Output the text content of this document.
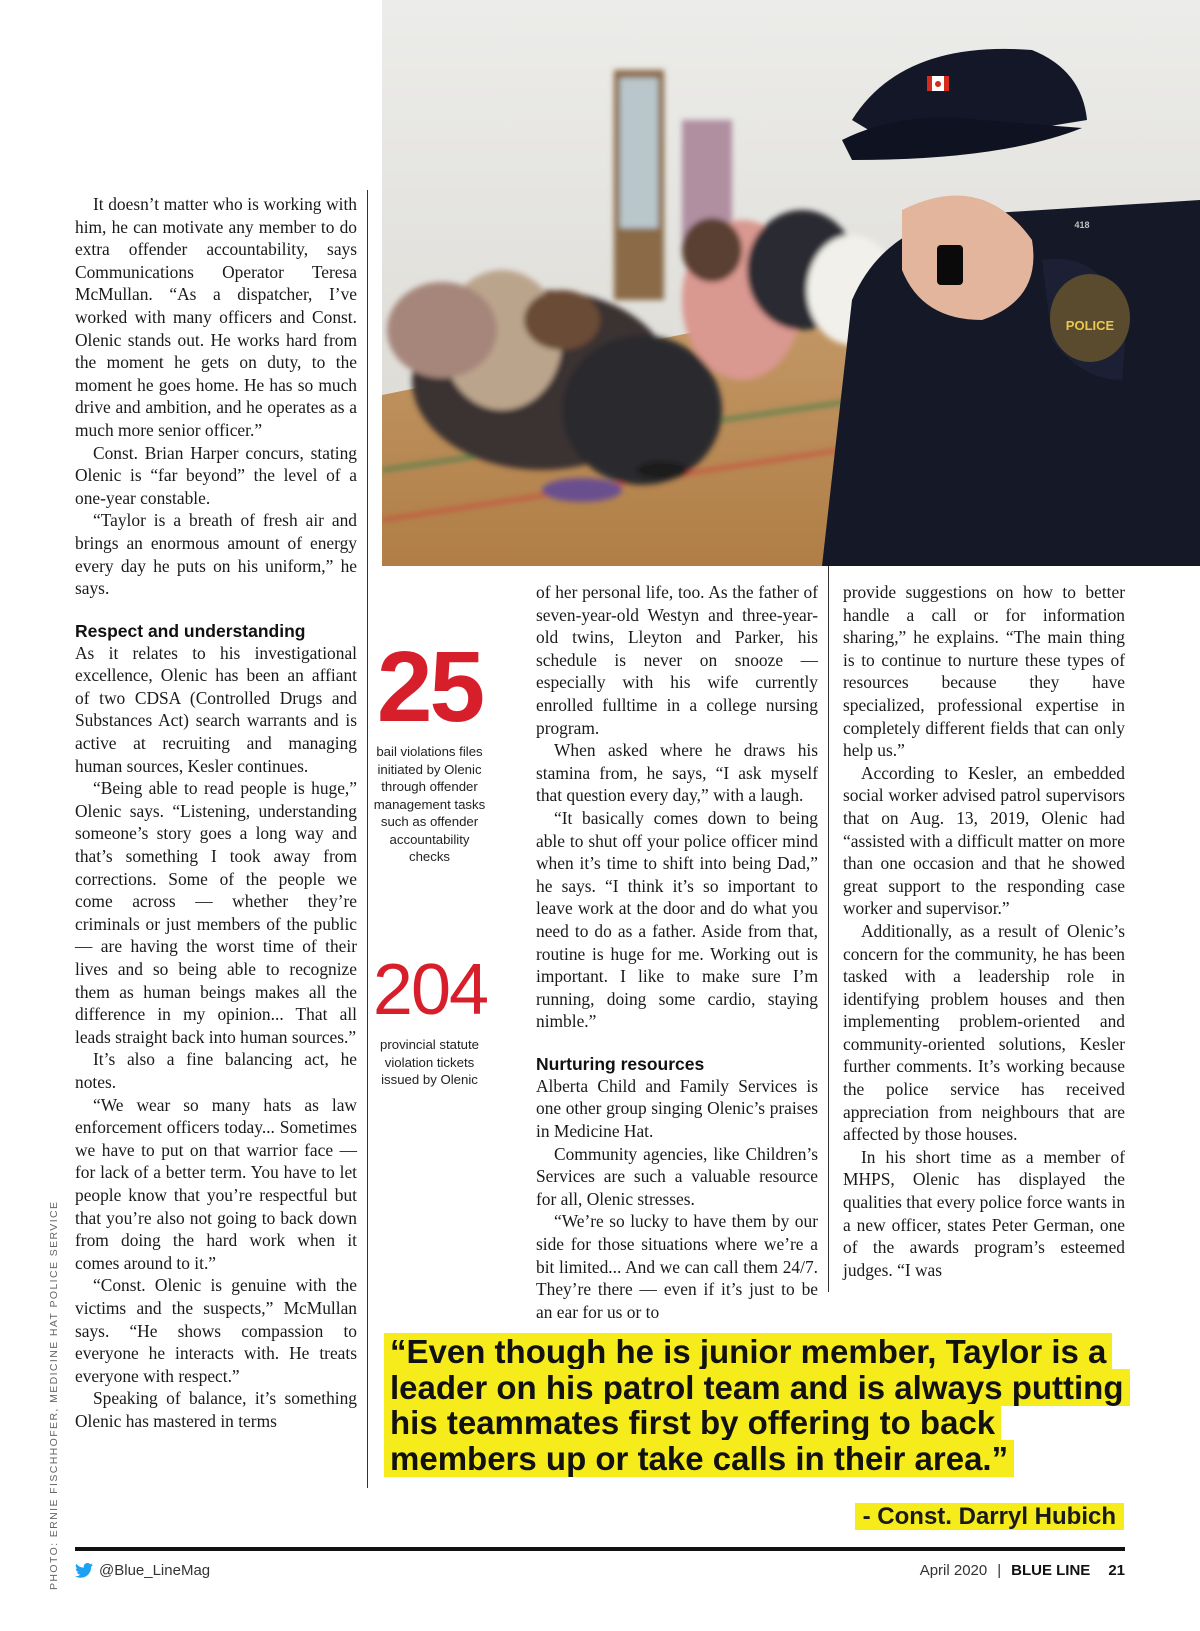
It doesn’t matter who is working with him, he can motivate any member to do extra offender accountability, says Communications Operator Teresa McMullan. “As a dispatcher, I’ve worked with many officers and Const. Olenic stands out. He works hard from the moment he gets on duty, to the moment he goes home. He has so much drive and ambition, and he operates as a much more senior officer.”

Const. Brian Harper concurs, stating Olenic is “far beyond” the level of a one-year constable.

“Taylor is a breath of fresh air and brings an enormous amount of energy every day he puts on his uniform,” he says.

Respect and understanding

As it relates to his investigational excellence, Olenic has been an affiant of two CDSA (Controlled Drugs and Substances Act) search warrants and is active at recruiting and managing human sources, Kesler continues.

“Being able to read people is huge,” Olenic says. “Listening, understanding someone’s story goes a long way and that’s something I took away from corrections. Some of the people we come across — whether they’re criminals or just members of the public — are having the worst time of their lives and so being able to recognize them as human beings makes all the difference in my opinion... That all leads straight back into human sources.”

It’s also a fine balancing act, he notes.

“We wear so many hats as law enforcement officers today... Sometimes we have to put on that warrior face — for lack of a better term. You have to let people know that you’re respectful but that you’re also not going to back down from doing the hard work when it comes around to it.”

“Const. Olenic is genuine with the victims and the suspects,” McMullan says. “He shows compassion to everyone he interacts with. He treats everyone with respect.”

Speaking of balance, it’s something Olenic has mastered in terms

POLICE
418
25
bail violations files initiated by Olenic through offender management tasks such as offender accountability checks
204
provincial statute violation tickets issued by Olenic

of her personal life, too. As the father of seven-year-old Westyn and three-year-old twins, Lleyton and Parker, his schedule is never on snooze — especially with his wife currently enrolled fulltime in a college nursing program.

When asked where he draws his stamina from, he says, “I ask myself that question every day,” with a laugh.

“It basically comes down to being able to shut off your police officer mind when it’s time to shift into being Dad,” he says. “I think it’s so important to leave work at the door and do what you need to do as a father. Aside from that, routine is huge for me. Working out is important. I like to make sure I’m running, doing some cardio, staying nimble.”

Nurturing resources

Alberta Child and Family Services is one other group singing Olenic’s praises in Medicine Hat.

Community agencies, like Children’s Services are such a valuable resource for all, Olenic stresses.

“We’re so lucky to have them by our side for those situations where we’re a bit limited... And we can call them 24/7. They’re there — even if it’s just to be an ear for us or to

provide suggestions on how to better handle a call or for information sharing,” he explains. “The main thing is to continue to nurture these types of resources because they have specialized, professional expertise in completely different fields that can only help us.”

According to Kesler, an embedded social worker advised patrol supervisors that on Aug. 13, 2019, Olenic had “assisted with a difficult matter on more than one occasion and that he showed great support to the responding case worker and supervisor.”

Additionally, as a result of Olenic’s concern for the community, he has been tasked with a leadership role in identifying problem houses and then implementing problem-oriented and community-oriented solutions, Kesler further comments. It’s working because the police service has received appreciation from neighbours that are affected by those houses.

In his short time as a member of MHPS, Olenic has displayed the qualities that every police force wants in a new officer, states Peter German, one of the awards program’s esteemed judges. “I was

PHOTO: ERNIE FISCHHOFER, MEDICINE HAT POLICE SERVICE	“Even though he is junior member, Taylor is a leader on his patrol team and is always putting his teammates first by offering to back members up or take calls in their area.”
- Const. Darryl Hubich
@Blue_LineMag	April 2020 | BLUE LINE 21
